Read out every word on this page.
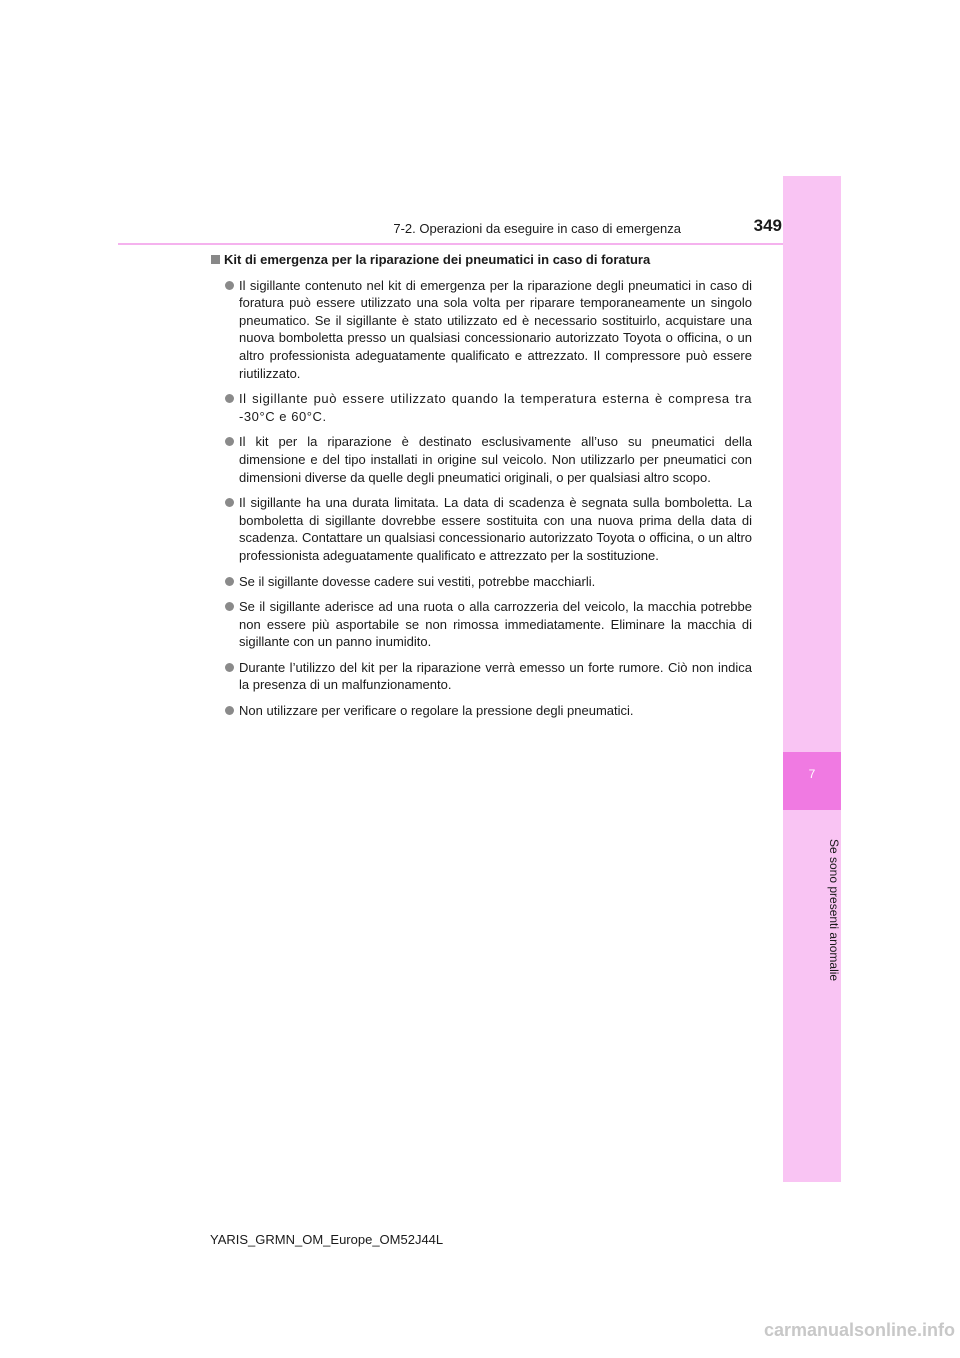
7-2. Operazioni da eseguire in caso di emergenza	349
7
Se sono presenti anomalie
Kit di emergenza per la riparazione dei pneumatici in caso di foratura
Il sigillante contenuto nel kit di emergenza per la riparazione degli pneumatici in caso di foratura può essere utilizzato una sola volta per riparare temporaneamente un singolo pneumatico. Se il sigillante è stato utilizzato ed è necessario sostituirlo, acquistare una nuova bomboletta presso un qualsiasi concessionario autorizzato Toyota o officina, o un altro professionista adeguatamente qualificato e attrezzato. Il compressore può essere riutilizzato.
Il sigillante può essere utilizzato quando la temperatura esterna è compresa tra -30°C e 60°C.
Il kit per la riparazione è destinato esclusivamente all’uso su pneumatici della dimensione e del tipo installati in origine sul veicolo. Non utilizzarlo per pneumatici con dimensioni diverse da quelle degli pneumatici originali, o per qualsiasi altro scopo.
Il sigillante ha una durata limitata. La data di scadenza è segnata sulla bomboletta. La bomboletta di sigillante dovrebbe essere sostituita con una nuova prima della data di scadenza. Contattare un qualsiasi concessionario autorizzato Toyota o officina, o un altro professionista adeguatamente qualificato e attrezzato per la sostituzione.
Se il sigillante dovesse cadere sui vestiti, potrebbe macchiarli.
Se il sigillante aderisce ad una ruota o alla carrozzeria del veicolo, la macchia potrebbe non essere più asportabile se non rimossa immediatamente. Eliminare la macchia di sigillante con un panno inumidito.
Durante l’utilizzo del kit per la riparazione verrà emesso un forte rumore. Ciò non indica la presenza di un malfunzionamento.
Non utilizzare per verificare o regolare la pressione degli pneumatici.
YARIS_GRMN_OM_Europe_OM52J44L
carmanualsonline.info
